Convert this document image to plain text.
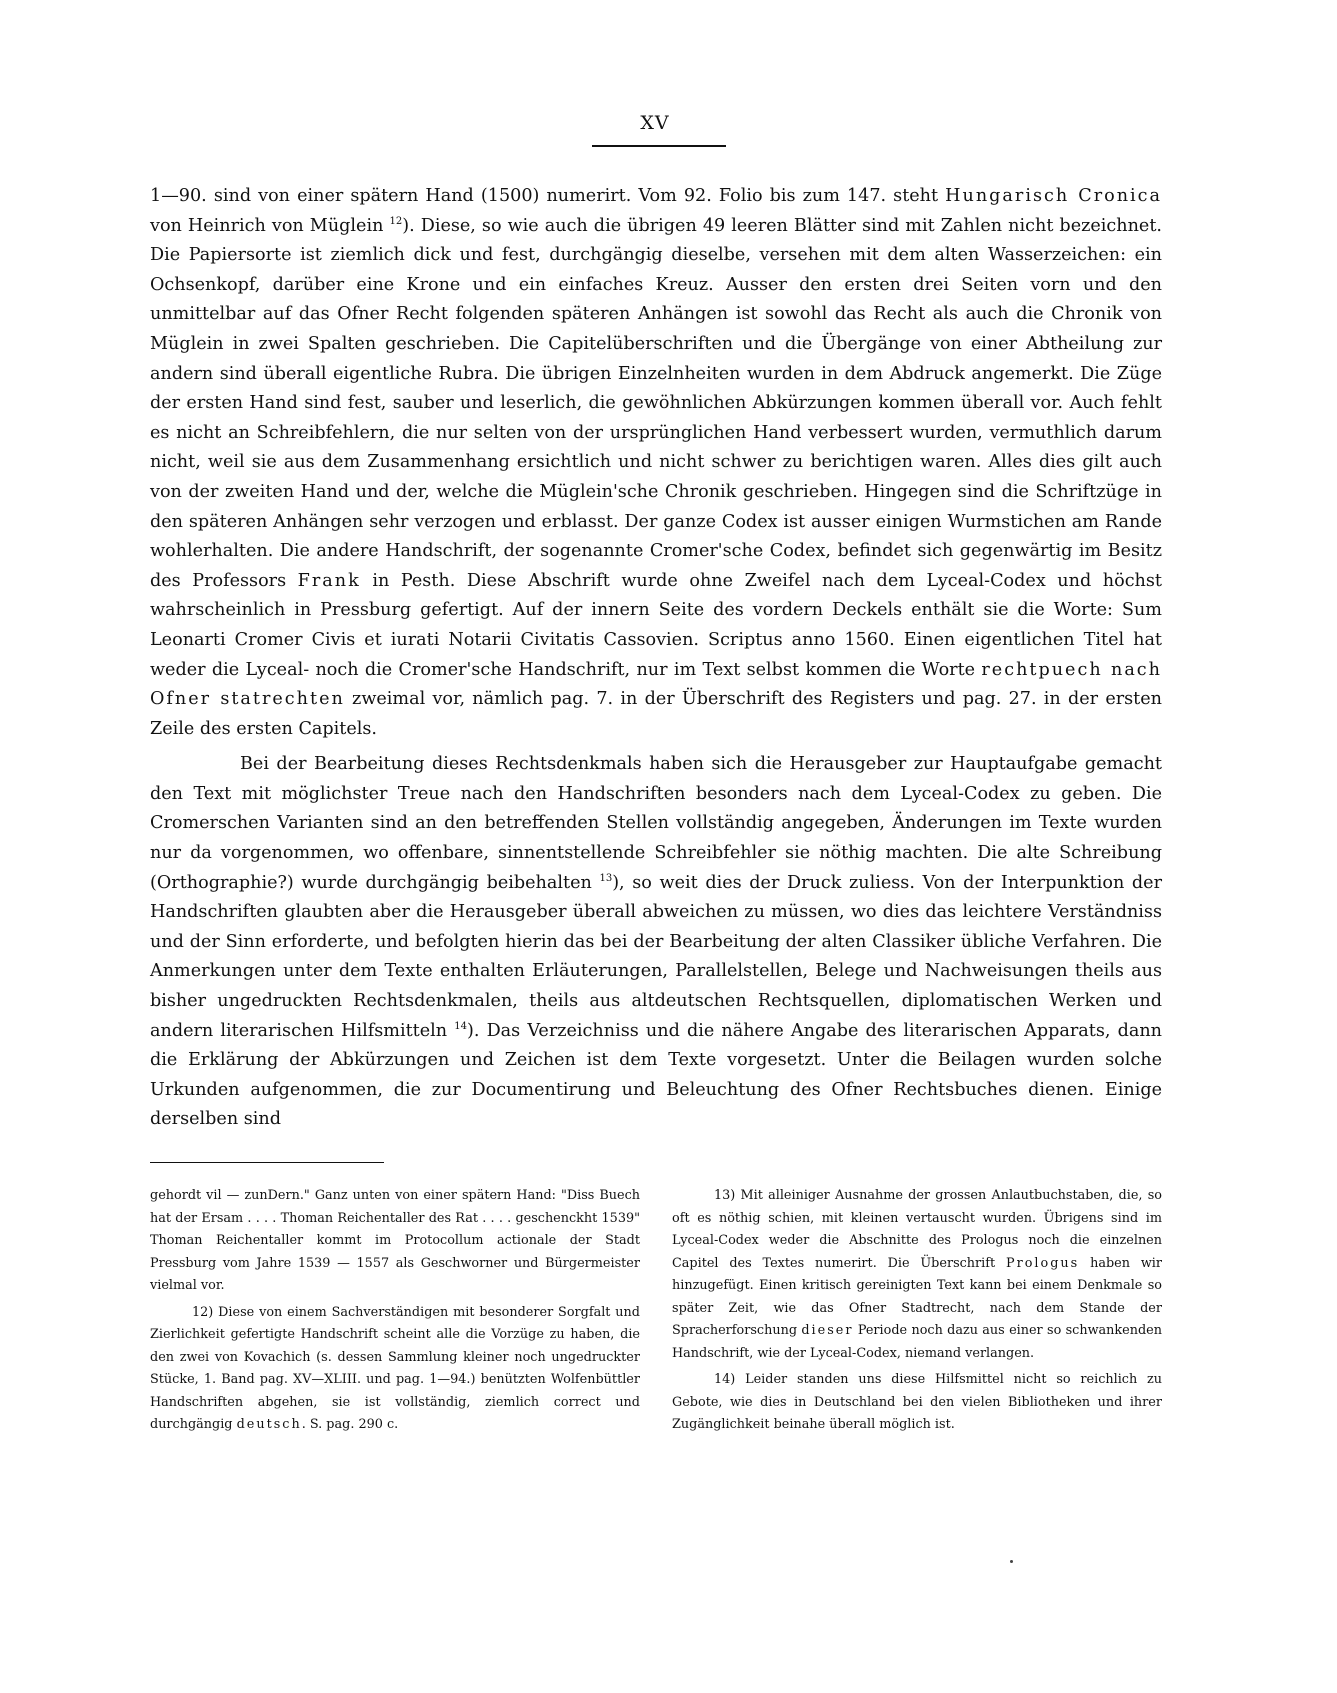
XV

1—90. sind von einer spätern Hand (1500) numerirt. Vom 92. Folio bis zum 147. steht Hungarisch Cronica von Heinrich von Müglein $^{12}$). Diese, so wie auch die übrigen 49 leeren Blätter sind mit Zahlen nicht bezeichnet. Die Papiersorte ist ziemlich dick und fest, durchgängig dieselbe, versehen mit dem alten Wasserzeichen: ein Ochsenkopf, darüber eine Krone und ein einfaches Kreuz. Ausser den ersten drei Seiten vorn und den unmittelbar auf das Ofner Recht folgenden späteren Anhängen ist sowohl das Recht als auch die Chronik von Müglein in zwei Spalten geschrieben. Die Capitelüberschriften und die Übergänge von einer Abtheilung zur andern sind überall eigentliche Rubra. Die übrigen Einzelnheiten wurden in dem Abdruck angemerkt. Die Züge der ersten Hand sind fest, sauber und leserlich, die gewöhnlichen Abkürzungen kommen überall vor. Auch fehlt es nicht an Schreibfehlern, die nur selten von der ursprünglichen Hand verbessert wurden, vermuthlich darum nicht, weil sie aus dem Zusammenhang ersichtlich und nicht schwer zu berichtigen waren. Alles dies gilt auch von der zweiten Hand und der, welche die Müglein'sche Chronik geschrieben. Hingegen sind die Schriftzüge in den späteren Anhängen sehr verzogen und erblasst. Der ganze Codex ist ausser einigen Wurmstichen am Rande wohlerhalten. Die andere Handschrift, der sogenannte Cromer'sche Codex, befindet sich gegenwärtig im Besitz des Professors Frank in Pesth. Diese Abschrift wurde ohne Zweifel nach dem Lyceal-Codex und höchst wahrscheinlich in Pressburg gefertigt. Auf der innern Seite des vordern Deckels enthält sie die Worte: Sum Leonarti Cromer Civis et iurati Notarii Civitatis Cassovien. Scriptus anno 1560. Einen eigentlichen Titel hat weder die Lyceal- noch die Cromer'sche Handschrift, nur im Text selbst kommen die Worte rechtpuech nach Ofner statrechten zweimal vor, nämlich pag. 7. in der Überschrift des Registers und pag. 27. in der ersten Zeile des ersten Capitels.

Bei der Bearbeitung dieses Rechtsdenkmals haben sich die Herausgeber zur Hauptaufgabe gemacht den Text mit möglichster Treue nach den Handschriften besonders nach dem Lyceal-Codex zu geben. Die Cromerschen Varianten sind an den betreffenden Stellen vollständig angegeben, Änderungen im Texte wurden nur da vorgenommen, wo offenbare, sinnentstellende Schreibfehler sie nöthig machten. Die alte Schreibung (Orthographie?) wurde durchgängig beibehalten $^{13}$), so weit dies der Druck zuliess. Von der Interpunktion der Handschriften glaubten aber die Herausgeber überall abweichen zu müssen, wo dies das leichtere Verständniss und der Sinn erforderte, und befolgten hierin das bei der Bearbeitung der alten Classiker übliche Verfahren. Die Anmerkungen unter dem Texte enthalten Erläuterungen, Parallelstellen, Belege und Nachweisungen theils aus bisher ungedruckten Rechtsdenkmalen, theils aus altdeutschen Rechtsquellen, diplomatischen Werken und andern literarischen Hilfsmitteln $^{14}$). Das Verzeichniss und die nähere Angabe des literarischen Apparats, dann die Erklärung der Abkürzungen und Zeichen ist dem Texte vorgesetzt. Unter die Beilagen wurden solche Urkunden aufgenommen, die zur Documentirung und Beleuchtung des Ofner Rechtsbuches dienen. Einige derselben sind

gehordt vil — zunDern." Ganz unten von einer spätern Hand: "Diss Buech hat der Ersam . . . . Thoman Reichentaller des Rat . . . . geschenckht 1539" Thoman Reichentaller kommt im Protocollum actionale der Stadt Pressburg vom Jahre 1539 — 1557 als Geschworner und Bürgermeister vielmal vor.

12) Diese von einem Sachverständigen mit besonderer Sorgfalt und Zierlichkeit gefertigte Handschrift scheint alle die Vorzüge zu haben, die den zwei von Kovachich (s. dessen Sammlung kleiner noch ungedruckter Stücke, 1. Band pag. XV—XLIII. und pag. 1—94.) benützten Wolfenbüttler Handschriften abgehen, sie ist vollständig, ziemlich correct und durchgängig deutsch. S. pag. 290 c.

13) Mit alleiniger Ausnahme der grossen Anlautbuchstaben, die, so oft es nöthig schien, mit kleinen vertauscht wurden. Übrigens sind im Lyceal-Codex weder die Abschnitte des Prologus noch die einzelnen Capitel des Textes numerirt. Die Überschrift Prologus haben wir hinzugefügt. Einen kritisch gereinigten Text kann bei einem Denkmale so später Zeit, wie das Ofner Stadtrecht, nach dem Stande der Spracherforschung dieser Periode noch dazu aus einer so schwankenden Handschrift, wie der Lyceal-Codex, niemand verlangen.

14) Leider standen uns diese Hilfsmittel nicht so reichlich zu Gebote, wie dies in Deutschland bei den vielen Bibliotheken und ihrer Zugänglichkeit beinahe überall möglich ist.
